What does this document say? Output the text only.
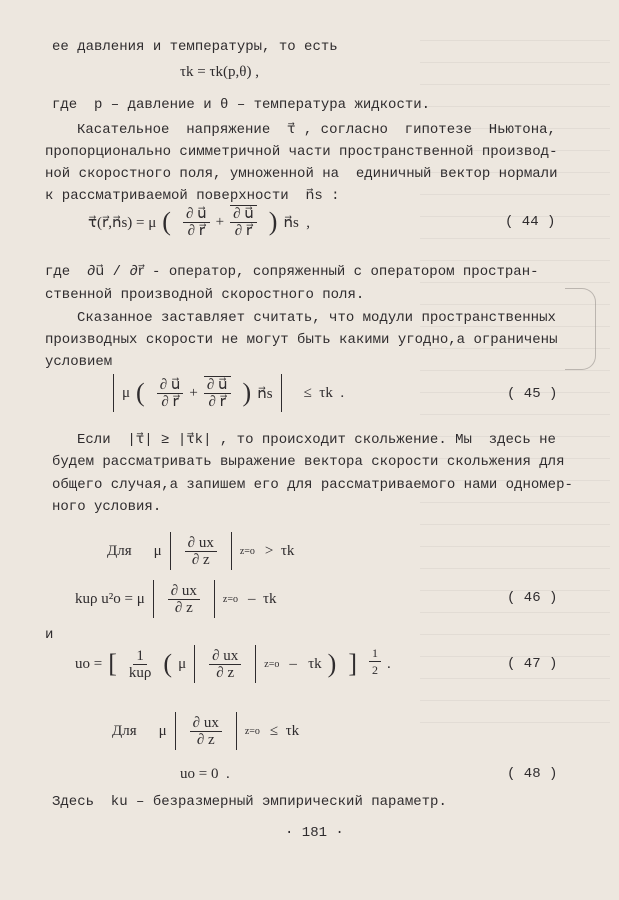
ее давления и температуры, то есть
τk = τk(p,θ) ,
где  p – давление и θ – температура жидкости.
Касательное  напряжение  τ⃗ , согласно  гипотезе  Ньютона,
пропорционально симметричной части пространственной производ-
ной скоростного поля, умноженной на  единичный вектор нормали
к рассматриваемой поверхности  n⃗s :
τ⃗(r⃗,n⃗s) = μ ( $\frac{\partial u⃗}{\partial r⃗} + \frac{\partial u⃗}{\partial r⃗}$ ) n⃗s  ,	( 44 )
где  ∂u⃗ / ∂r⃗ - оператор, сопряженный с оператором простран-
ственной производной скоростного поля.
Сказанное заставляет считать, что модули пространственных
производных скорости не могут быть какими угодно,а ограничены
условием
μ ( $\frac{\partial u⃗}{\partial r⃗} + \frac{\partial u⃗}{\partial r⃗}$ ) n⃗s ≤  τk  .	( 45 )
Если  |τ⃗| ≥ |τ⃗k| , то происходит скольжение. Мы  здесь не
будем рассматривать выражение вектора скорости скольжения для
общего случая,а запишем его для рассматриваемого нами одномер-
ного условия.
Для μ $\frac{\partial ux}{\partial z} z=o > \tau k$
kuρ u²o = μ $\frac{\partial ux}{\partial z} z=o - \tau k$	( 46 )
и
uo = [ $\frac{1}{\text{kuρ}}$ ( μ $\frac{\partial ux}{\partial z} z=o - \tau k$ ) ] $\frac{1}{2}$ .	( 47 )
Для μ $\frac{\partial ux}{\partial z} z=o \le \tau k$
uo = 0  .	( 48 )
Здесь  ku – безразмерный эмпирический параметр.
· 181 ·
